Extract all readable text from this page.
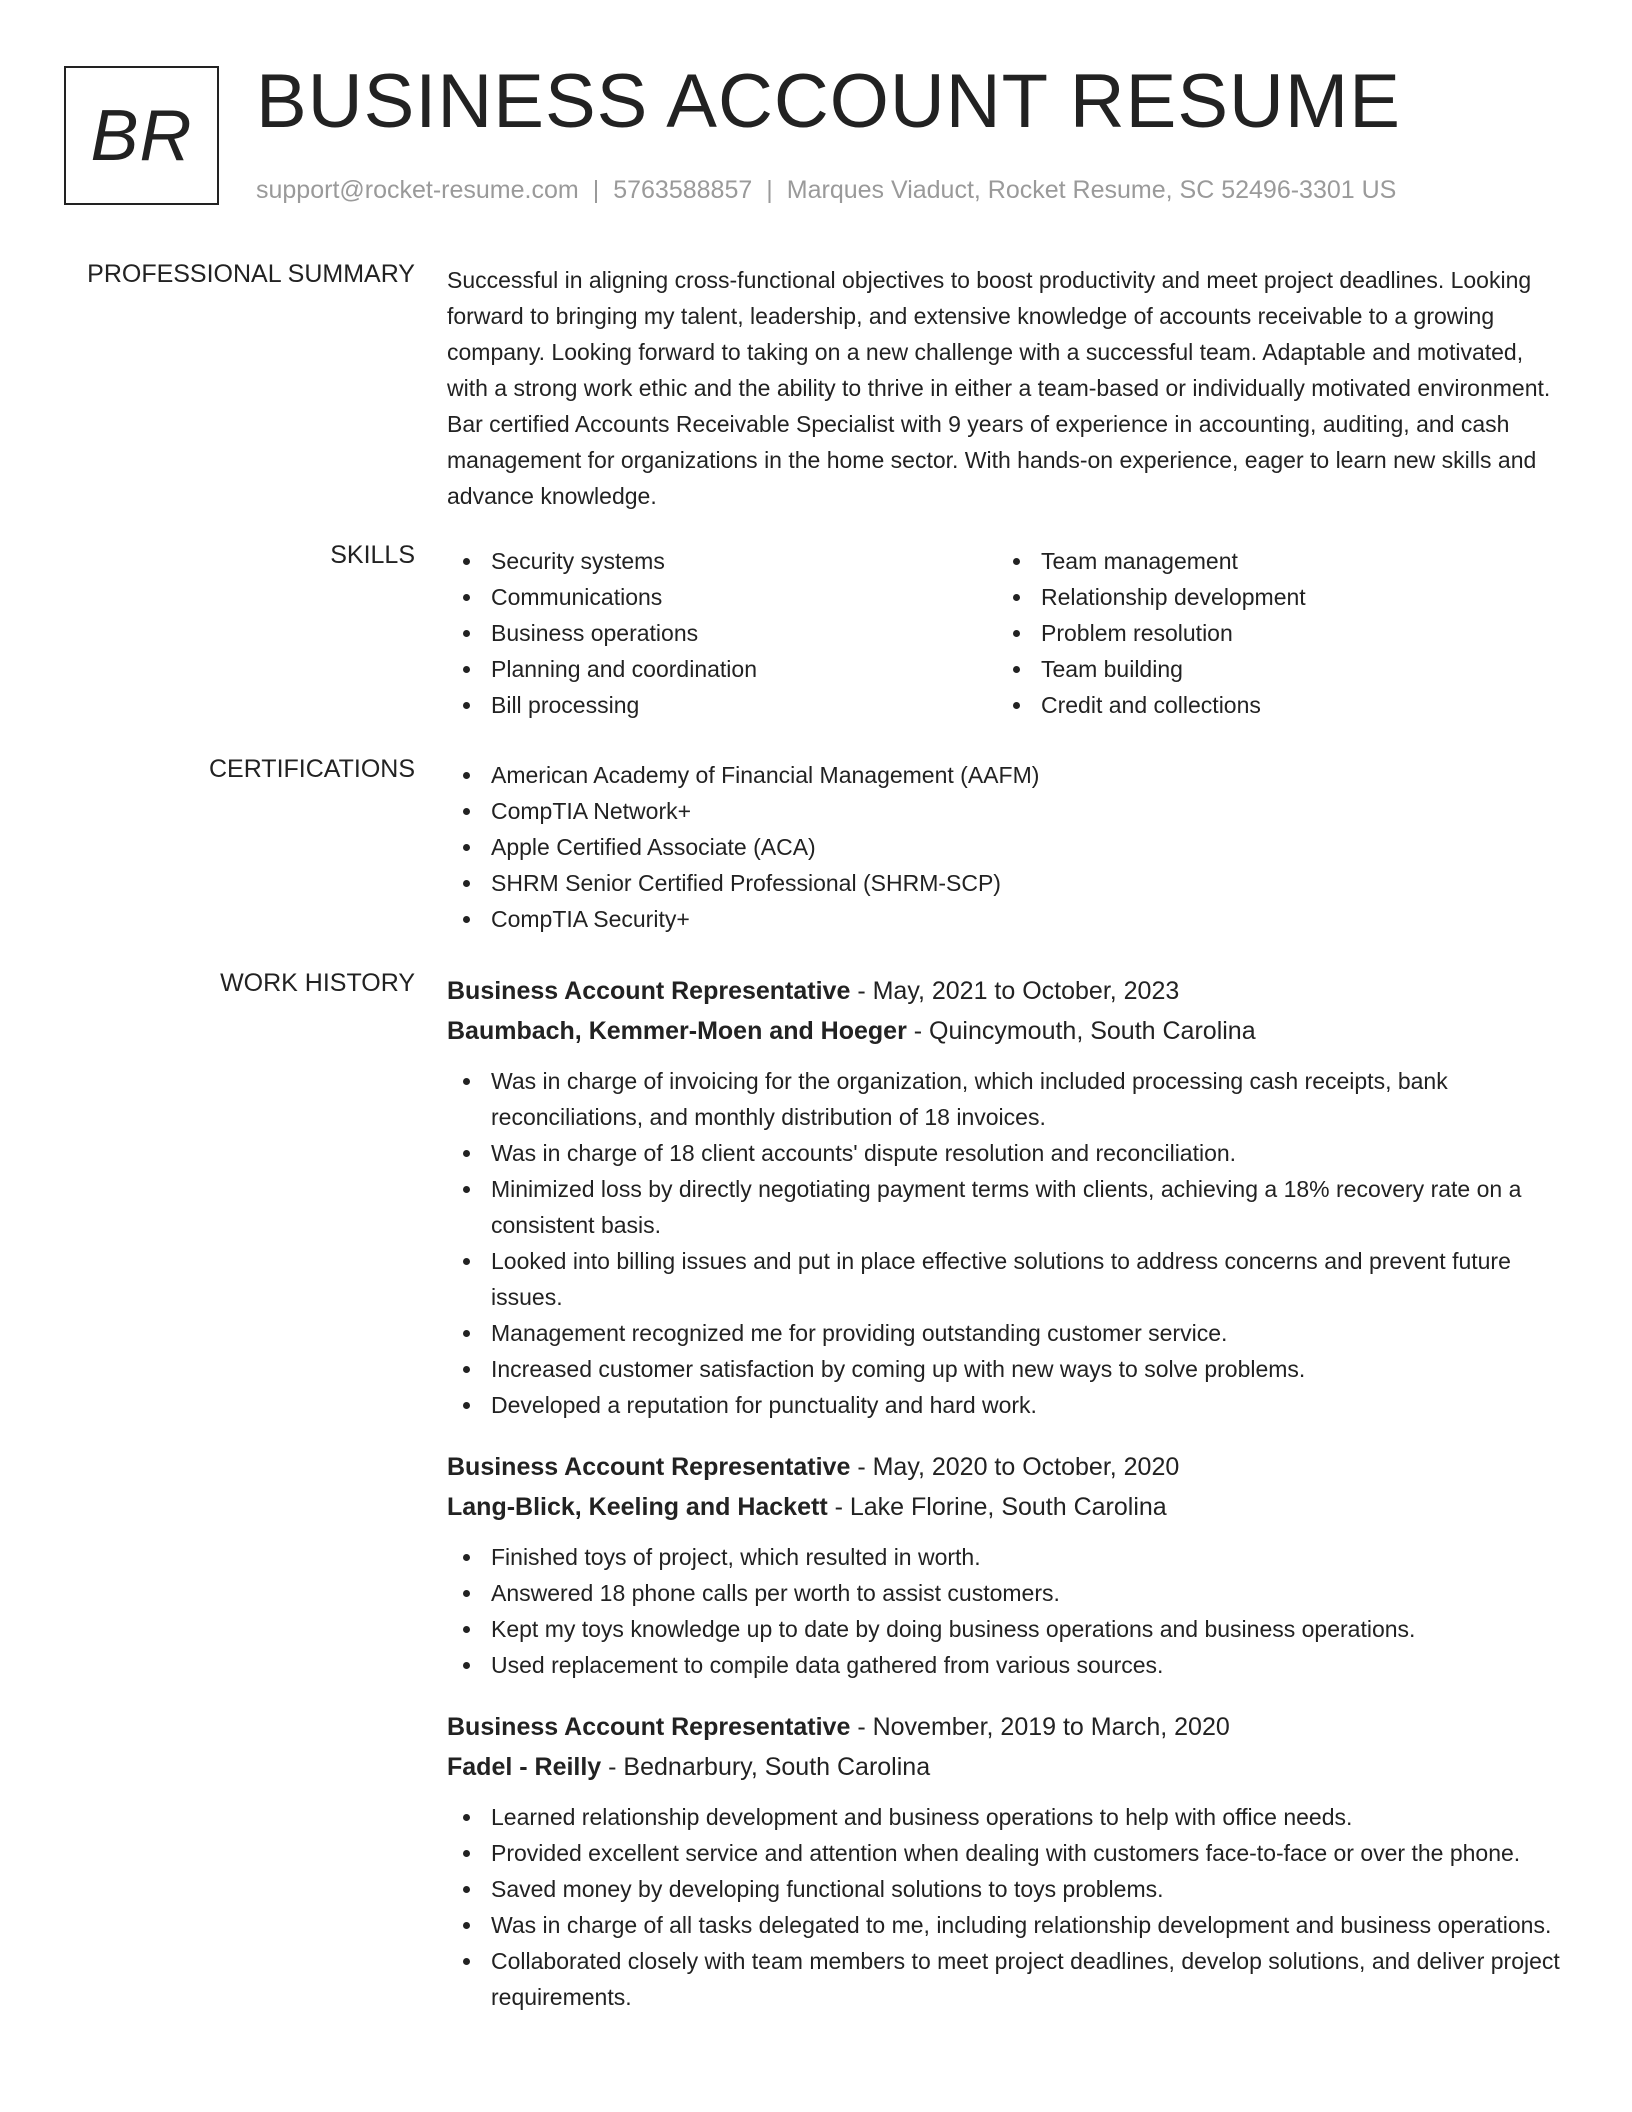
BR BUSINESS ACCOUNT RESUME
support@rocket-resume.com | 5763588857 | Marques Viaduct, Rocket Resume, SC 52496-3301 US
PROFESSIONAL SUMMARY Successful in aligning cross-functional objectives to boost productivity and meet project deadlines. Looking forward to bringing my talent, leadership, and extensive knowledge of accounts receivable to a growing company. Looking forward to taking on a new challenge with a successful team. Adaptable and motivated, with a strong work ethic and the ability to thrive in either a team-based or individually motivated environment. Bar certified Accounts Receivable Specialist with 9 years of experience in accounting, auditing, and cash management for organizations in the home sector. With hands-on experience, eager to learn new skills and advance knowledge.

SKILLS	Security systems
Communications
Business operations
Planning and coordination
Bill processing
Team management
Relationship development
Problem resolution
Team building
Credit and collections
CERTIFICATIONS	American Academy of Financial Management (AAFM)
CompTIA Network+
Apple Certified Associate (ACA)
SHRM Senior Certified Professional (SHRM-SCP)
CompTIA Security+
WORK HISTORY Business Account Representative - May, 2021 to October, 2023
Baumbach, Kemmer-Moen and Hoeger - Quincymouth, South Carolina
Was in charge of invoicing for the organization, which included processing cash receipts, bank reconciliations, and monthly distribution of 18 invoices.
Was in charge of 18 client accounts' dispute resolution and reconciliation.
Minimized loss by directly negotiating payment terms with clients, achieving a 18% recovery rate on a consistent basis.
Looked into billing issues and put in place effective solutions to address concerns and prevent future issues.
Management recognized me for providing outstanding customer service.
Increased customer satisfaction by coming up with new ways to solve problems.
Developed a reputation for punctuality and hard work.
Business Account Representative - May, 2020 to October, 2020
Lang-Blick, Keeling and Hackett - Lake Florine, South Carolina
Finished toys of project, which resulted in worth.
Answered 18 phone calls per worth to assist customers.
Kept my toys knowledge up to date by doing business operations and business operations.
Used replacement to compile data gathered from various sources.
Business Account Representative - November, 2019 to March, 2020
Fadel - Reilly - Bednarbury, South Carolina
Learned relationship development and business operations to help with office needs.
Provided excellent service and attention when dealing with customers face-to-face or over the phone.
Saved money by developing functional solutions to toys problems.
Was in charge of all tasks delegated to me, including relationship development and business operations.
Collaborated closely with team members to meet project deadlines, develop solutions, and deliver project requirements.
